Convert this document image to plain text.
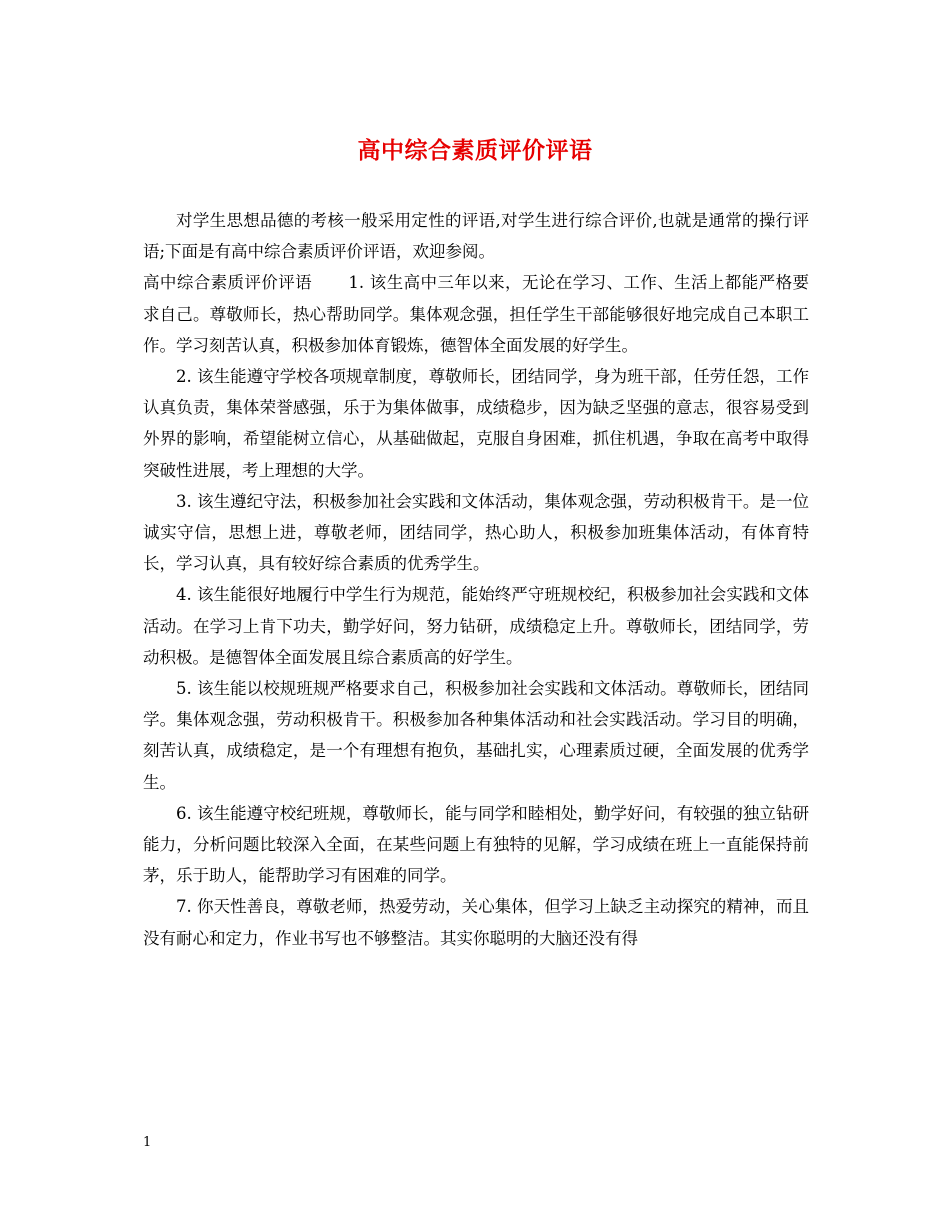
高中综合素质评价评语

对学生思想品德的考核一般采用定性的评语,对学生进行综合评价,也就是通常的操行评语;下面是有高中综合素质评价评语，欢迎参阅。

高中综合素质评价评语 1. 该生高中三年以来，无论在学习、工作、生活上都能严格要求自己。尊敬师长，热心帮助同学。集体观念强，担任学生干部能够很好地完成自己本职工作。学习刻苦认真，积极参加体育锻炼，德智体全面发展的好学生。

2. 该生能遵守学校各项规章制度，尊敬师长，团结同学，身为班干部，任劳任怨，工作认真负责，集体荣誉感强，乐于为集体做事，成绩稳步，因为缺乏坚强的意志，很容易受到外界的影响，希望能树立信心，从基础做起，克服自身困难，抓住机遇，争取在高考中取得突破性进展，考上理想的大学。

3. 该生遵纪守法，积极参加社会实践和文体活动，集体观念强，劳动积极肯干。是一位诚实守信，思想上进，尊敬老师，团结同学，热心助人，积极参加班集体活动，有体育特长，学习认真，具有较好综合素质的优秀学生。

4. 该生能很好地履行中学生行为规范，能始终严守班规校纪，积极参加社会实践和文体活动。在学习上肯下功夫，勤学好问，努力钻研，成绩稳定上升。尊敬师长，团结同学，劳动积极。是德智体全面发展且综合素质高的好学生。

5. 该生能以校规班规严格要求自己，积极参加社会实践和文体活动。尊敬师长，团结同学。集体观念强，劳动积极肯干。积极参加各种集体活动和社会实践活动。学习目的明确，刻苦认真，成绩稳定，是一个有理想有抱负，基础扎实，心理素质过硬，全面发展的优秀学生。

6. 该生能遵守校纪班规，尊敬师长，能与同学和睦相处，勤学好问，有较强的独立钻研能力，分析问题比较深入全面，在某些问题上有独特的见解，学习成绩在班上一直能保持前茅，乐于助人，能帮助学习有困难的同学。

7. 你天性善良，尊敬老师，热爱劳动，关心集体，但学习上缺乏主动探究的精神，而且没有耐心和定力，作业书写也不够整洁。其实你聪明的大脑还没有得

1
